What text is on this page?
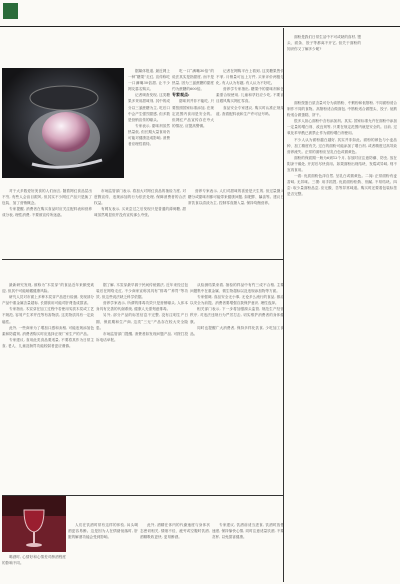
据媒体报道, 最近网上一种“糖果”走红, 宣传称吃一口满嘴30倍甜, 让不少网友慕名购买。

记者调查发现, 这类糖果多采用甜味剂, 其中的成分以三氯蔗糖为主, 吃后口中会产生强烈甜感, 但多数是营销宣传的噱头。

专家表示, 甜味剂虽然热量低, 但长期大量食用仍可能对健康造成影响, 消费者应理性看待。

吃一口“满嘴30倍”的说法其实是指甜度, 而不是热量, 因为三氯蔗糖的甜度约为蔗糖的600倍。

专家观点:

甜味剂并非不能吃, 只要按照国家标准添加, 在规定范围内食用是安全的。但网红产品宣传存在夸大的情况, 应提高警惕。

记者在网购平台上看到, 这类糖果售价不菲, 月销量可达上万件, 买家评价两极分化, 有人认为有趣, 有人认为不好吃。

营养学专家指出, 糖果中的甜味剂和色素需合规使用, 儿童和孕妇应少吃, 不要盲目跟风购买网红零食。

食品安全专家建议, 购买时认准正规渠道, 查看配料表和生产许可证号码。

对于大多数爱好美食的人们而言, 随着网红食品层出不穷, 有些人会盲目跟风, 但其实不少网红产品只是换了包装、加了营销概念。

专家提醒, 消费者在购买食品时应关注配料表和营养成分表, 理性消费, 不要被宣传所迷惑。

市场监管部门表示, 将加大对网红食品的抽检力度, 对虚假宣传、违规添加的行为依法处理, 保障消费者的合法权益。

有网友表示, 买来尝过之后发现只是普通的薄荷糖, 甜味虽然明显但并没有宣传那么夸张。

营养专家表示, 人们对甜味的喜爱是天生的, 但过量摄入糖分或甜味剂都可能带来健康问题, 如肥胖、龋齿等。建议日常饮食以清淡为主, 控制零食摄入量, 保持均衡营养。

最新研究发现, 被称为“木炭芽”的食品近年来颇受欢迎, 但其中可能暗藏健康风险。

研究人员对市面上多种木炭芽产品进行检测, 发现部分产品中重金属含量超标, 长期食用可能对肝肾造成损害。

专家指出, 木炭芽在加工过程中若使用劣质木炭或工艺不规范, 容易产生苯并芘等有害物质, 这类物质具有一定致癌性。

此外, 一些商家为了增加口感和卖相, 可能违规添加色素和防腐剂, 消费者购买时应选择正规厂家生产的产品。

专家建议, 食用此类食品要适量, 不要将其作为日常主食, 老人、儿童及肠胃功能较弱者更应谨慎。

据了解, 木炭芽最早源于民间传统做法, 近年来经过包装后在网络走红, 不少商家宣称其具有“排毒”“养胃”等功效, 但这些说法缺乏科学依据。

营养学家表示, 所谓的排毒功效只是营销噱头, 人体本身具有完善的代谢系统, 健康人无需刻意排毒。

另外, 部分产品的标签信息不完整, 没有注明生产日期、保质期和生产商, 这类“三无”产品存在较大安全隐患。

市场监管部门提醒, 消费者如发现问题产品, 可拨打投诉电话举报。

从检测结果来看, 抽检的样品中有约三成不合格, 主要问题集中在重金属、微生物超标以及违规添加物等方面。

专家强调, 食品安全无小事, 无论多么流行的食品, 都应以安全为前提。消费者要增强自我保护意识, 理性选择。

相关部门表示, 下一步将加强源头监管, 规范生产经营秩序, 对违法违规行为严厉打击, 切实维护消费者的身体健康。

同时也提醒广大消费者, 保持多样化饮食, 少吃加工食品。

人们在饮酒时常有这样的体验, 闷头喝酒更容易醉。这是因为人在情绪低落时, 肝脏的解酒功能会受到影响。

此外, 酒精在体内的代谢速度与身体状态密切相关, 情绪不佳、疲劳或空腹时饮酒, 酒精吸收更快, 更易醉酒。

专家建议, 饮酒前适当进食, 饮酒时放慢速度, 保持愉快心情, 同时注意适量饮酒, 不要贪杯, 以免损害健康。

喝酒时, 心情好和心情差对醉酒程度的影响不同。

面粉是我们日常生活中不可或缺的食材, 馒头、面条、饺子等都离不开它, 但关于面粉的知识你又了解多少呢?

面粉按蛋白质含量可分为高筋粉、中筋粉和低筋粉, 不同面粉适合制作不同的食物。高筋粉适合做面包, 中筋粉适合做馒头、饺子, 低筋粉适合做蛋糕、饼干。

很多人担心面粉中含有添加剂。其实, 国家标准允许在面粉中添加一定量的增白剂、改良剂等, 只要在规定范围内就是安全的。目前, 过氧化苯甲酰已被禁止作为面粉增白剂使用。

不少人认为面粉越白越好, 其实并非如此。面粉的颜色与小麦品种、加工精度有关, 过白的面粉可能添加了增白剂, 或者精度过高导致营养流失。正常的面粉应呈乳白色或微黄色。

面粉的保质期一般为6到12个月, 存放时应注意防潮、防虫, 放在阴凉干燥处, 开封后尽快食用。如果面粉出现结块、发霉或异味, 则不宜再食用。

一看: 优质面粉色泽自然, 呈乳白或微黄色。二闻: 正常面粉有麦香味, 无异味。三摸: 用手抓捏, 优质面粉松散、细腻, 不易结块。四尝: 取少量面粉品尝, 应无酸、苦等异常味道。购买时还要看包装标签是否完整。
